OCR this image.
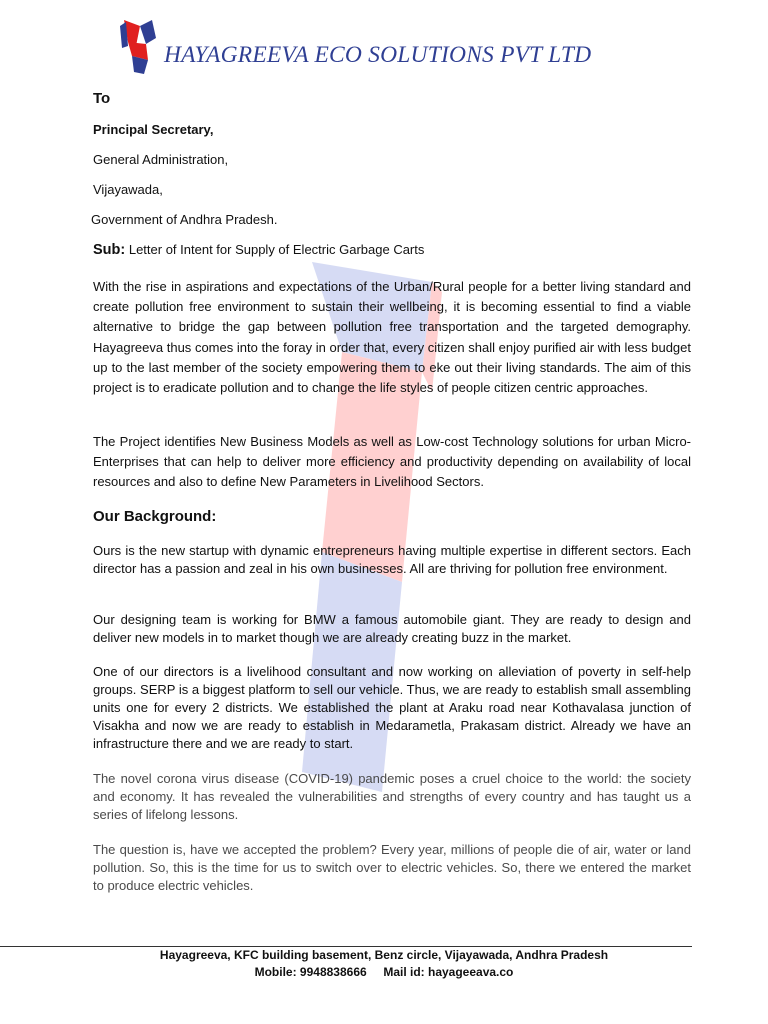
HAYAGREEVA ECO SOLUTIONS PVT LTD
To
Principal Secretary,
General Administration,
Vijayawada,
Government of Andhra Pradesh.
Sub: Letter of Intent for Supply of Electric Garbage Carts
With the rise in aspirations and expectations of the Urban/Rural people for a better living standard and create pollution free environment to sustain their wellbeing, it is becoming essential to find a viable alternative to bridge the gap between pollution free transportation and the targeted demography. Hayagreeva thus comes into the foray in order that, every citizen shall enjoy purified air with less budget up to the last member of the society empowering them to eke out their living standards. The aim of this project is to eradicate pollution and to change the life styles of people citizen centric approaches.
The Project identifies New Business Models as well as Low-cost Technology solutions for urban Micro-Enterprises that can help to deliver more efficiency and productivity depending on availability of local resources and also to define New Parameters in Livelihood Sectors.
Our Background:
Ours is the new startup with dynamic entrepreneurs having multiple expertise in different sectors. Each director has a passion and zeal in his own businesses. All are thriving for pollution free environment.
Our designing team is working for BMW a famous automobile giant. They are ready to design and deliver new models in to market though we are already creating buzz in the market.
One of our directors is a livelihood consultant and now working on alleviation of poverty in self-help groups. SERP is a biggest platform to sell our vehicle. Thus, we are ready to establish small assembling units one for every 2 districts. We established the plant at Araku road near Kothavalasa junction of Visakha and now we are ready to establish in Medarametla, Prakasam district. Already we have an infrastructure there and we are ready to start.
The novel corona virus disease (COVID-19) pandemic poses a cruel choice to the world: the society and economy. It has revealed the vulnerabilities and strengths of every country and has taught us a series of lifelong lessons.
The question is, have we accepted the problem? Every year, millions of people die of air, water or land pollution. So, this is the time for us to switch over to electric vehicles. So, there we entered the market to produce electric vehicles.
Hayagreeva, KFC building basement, Benz circle, Vijayawada, Andhra Pradesh
Mobile: 9948838666     Mail id: hayageeava.co
